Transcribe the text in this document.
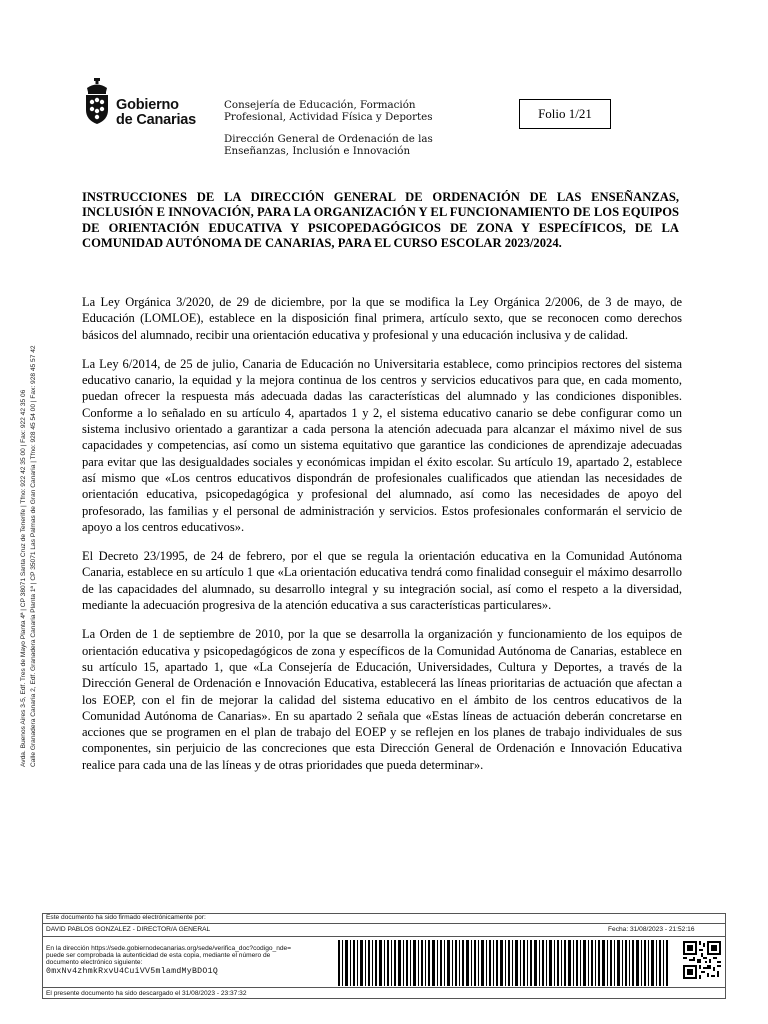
Gobierno
de Canarias
Consejería de Educación, Formación
Profesional, Actividad Física y Deportes
Dirección General de Ordenación de las
Enseñanzas, Inclusión e Innovación
Folio 1/21
Avda. Buenos Aires 3-5, Edf. Tres de Mayo Planta 4ª | CP 38071 Santa Cruz de Tenerife | Tfno: 922 42 35 00 | Fax: 922 42 35 06 Calle Granadera Canaria 2, Edf. Granadera Canaria Planta 1ª | CP 35071 Las Palmas de Gran Canaria | Tfno: 928 45 54 00 | Fax: 928 45 57 42
INSTRUCCIONES DE LA DIRECCIÓN GENERAL DE ORDENACIÓN DE LAS ENSEÑANZAS, INCLUSIÓN E INNOVACIÓN, PARA LA ORGANIZACIÓN Y EL FUNCIONAMIENTO DE LOS EQUIPOS DE ORIENTACIÓN EDUCATIVA Y PSICOPEDAGÓGICOS DE ZONA Y ESPECÍFICOS, DE LA COMUNIDAD AUTÓNOMA DE CANARIAS, PARA EL CURSO ESCOLAR 2023/2024.

La Ley Orgánica 3/2020, de 29 de diciembre, por la que se modifica la Ley Orgánica 2/2006, de 3 de mayo, de Educación (LOMLOE), establece en la disposición final primera, artículo sexto, que se reconocen como derechos básicos del alumnado, recibir una orientación educativa y profesional y una educación inclusiva y de calidad.

La Ley 6/2014, de 25 de julio, Canaria de Educación no Universitaria establece, como principios rectores del sistema educativo canario, la equidad y la mejora continua de los centros y servicios educativos para que, en cada momento, puedan ofrecer la respuesta más adecuada dadas las características del alumnado y las condiciones disponibles. Conforme a lo señalado en su artículo 4, apartados 1 y 2, el sistema educativo canario se debe configurar como un sistema inclusivo orientado a garantizar a cada persona la atención adecuada para alcanzar el máximo nivel de sus capacidades y competencias, así como un sistema equitativo que garantice las condiciones de aprendizaje adecuadas para evitar que las desigualdades sociales y económicas impidan el éxito escolar. Su artículo 19, apartado 2, establece así mismo que «Los centros educativos dispondrán de profesionales cualificados que atiendan las necesidades de orientación educativa, psicopedagógica y profesional del alumnado, así como las necesidades de apoyo del profesorado, las familias y el personal de administración y servicios. Estos profesionales conformarán el servicio de apoyo a los centros educativos».

El Decreto 23/1995, de 24 de febrero, por el que se regula la orientación educativa en la Comunidad Autónoma Canaria, establece en su artículo 1 que «La orientación educativa tendrá como finalidad conseguir el máximo desarrollo de las capacidades del alumnado, su desarrollo integral y su integración social, así como el respeto a la diversidad, mediante la adecuación progresiva de la atención educativa a sus características particulares».

La Orden de 1 de septiembre de 2010, por la que se desarrolla la organización y funcionamiento de los equipos de orientación educativa y psicopedagógicos de zona y específicos de la Comunidad Autónoma de Canarias, establece en su artículo 15, apartado 1, que «La Consejería de Educación, Universidades, Cultura y Deportes, a través de la Dirección General de Ordenación e Innovación Educativa, establecerá las líneas prioritarias de actuación que afectan a los EOEP, con el fin de mejorar la calidad del sistema educativo en el ámbito de los centros educativos de la Comunidad Autónoma de Canarias». En su apartado 2 señala que «Estas líneas de actuación deberán concretarse en acciones que se programen en el plan de trabajo del EOEP y se reflejen en los planes de trabajo individuales de sus componentes, sin perjuicio de las concreciones que esta Dirección General de Ordenación e Innovación Educativa realice para cada una de las líneas y de otras prioridades que pueda determinar».

Este documento ha sido firmado electrónicamente por:
DAVID PABLOS GONZALEZ - DIRECTOR/A GENERAL	Fecha: 31/08/2023 - 21:52:16
En la dirección https://sede.gobiernodecanarias.org/sede/verifica_doc?codigo_nde=
puede ser comprobada la autenticidad de esta copia, mediante el número de
documento electrónico siguiente:
0mxNv4zhmkRxvU4CuiVV5mlamdMyBDO1Q
El presente documento ha sido descargado el 31/08/2023 - 23:37:32
